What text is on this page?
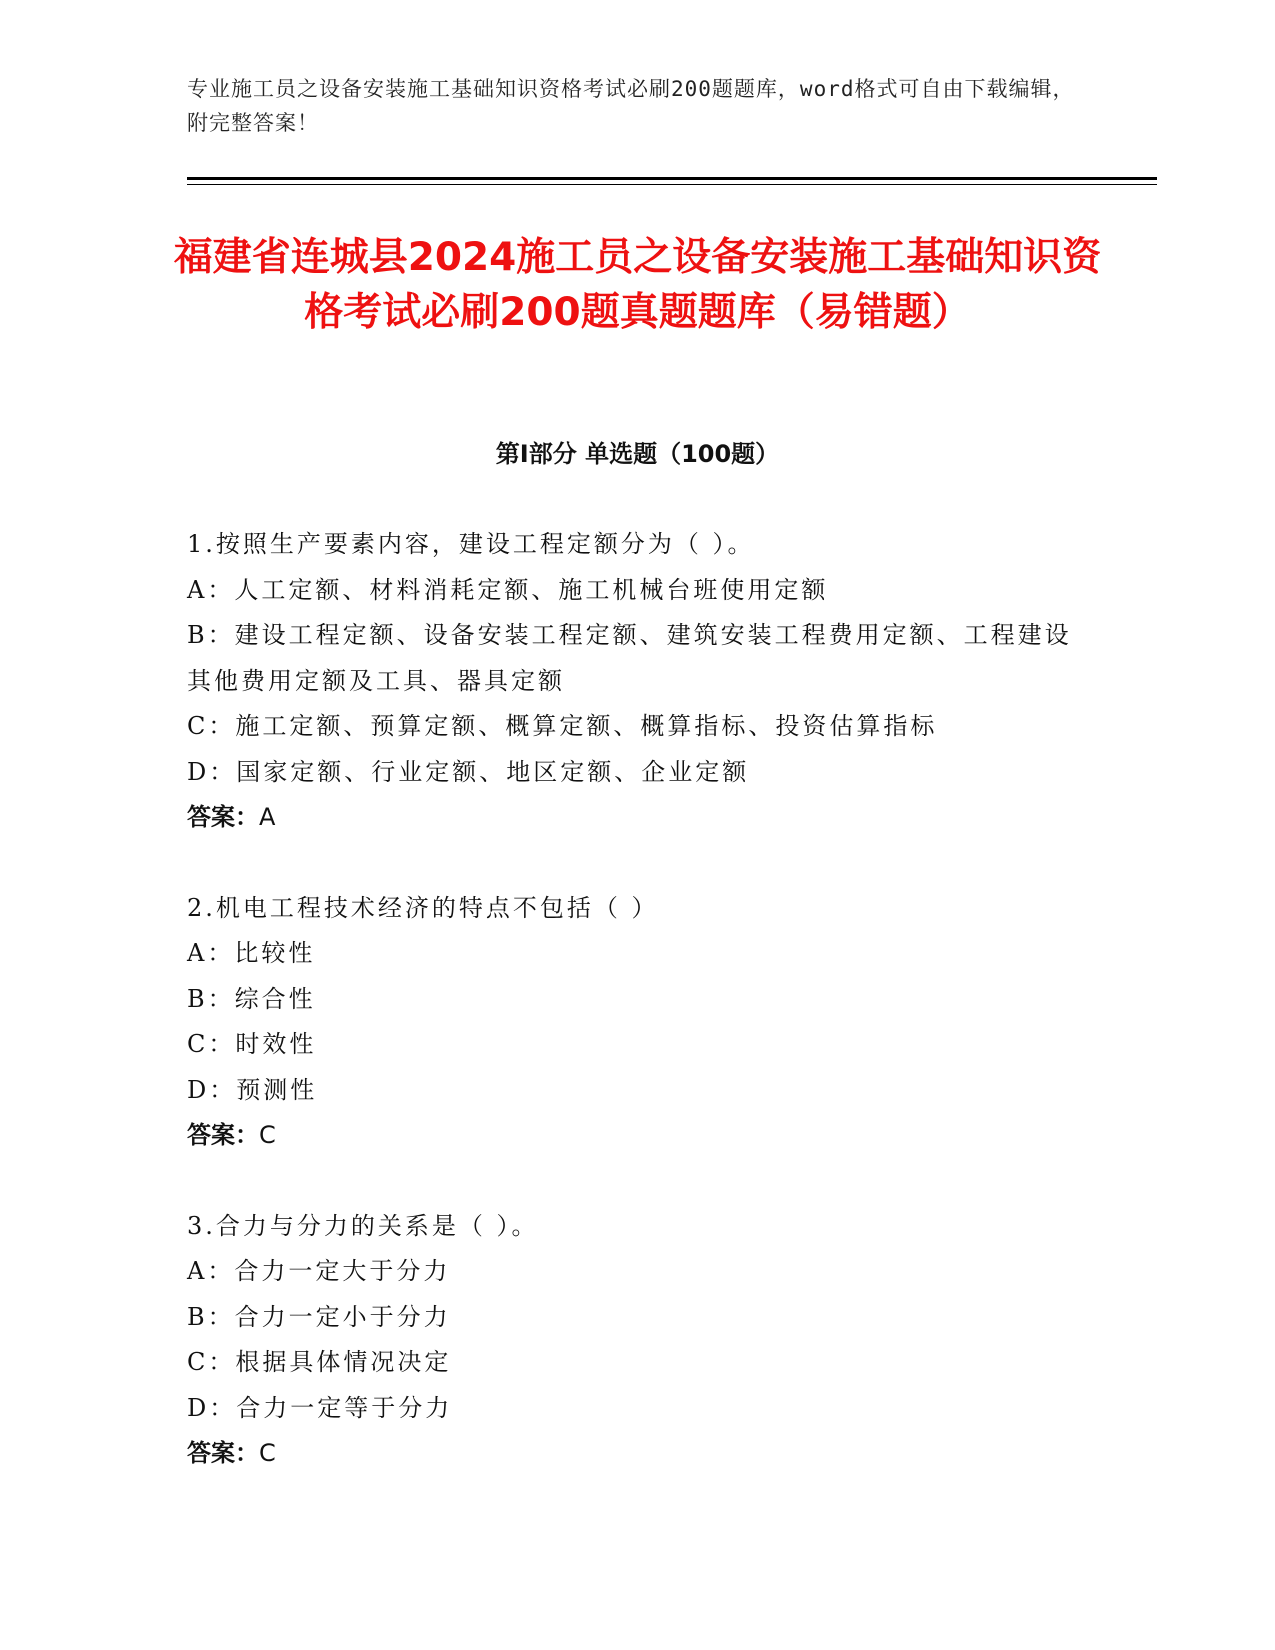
专业施工员之设备安装施工基础知识资格考试必刷200题题库，word格式可自由下载编辑，附完整答案！
福建省连城县2024施工员之设备安装施工基础知识资格考试必刷200题真题题库（易错题）
第Ⅰ部分 单选题（100题）

1.按照生产要素内容，建设工程定额分为（ ）。

A：人工定额、材料消耗定额、施工机械台班使用定额

B：建设工程定额、设备安装工程定额、建筑安装工程费用定额、工程建设其他费用定额及工具、器具定额

C：施工定额、预算定额、概算定额、概算指标、投资估算指标

D：国家定额、行业定额、地区定额、企业定额

答案：A

2.机电工程技术经济的特点不包括（ ）

A：比较性

B：综合性

C：时效性

D：预测性

答案：C

3.合力与分力的关系是（ ）。

A：合力一定大于分力

B：合力一定小于分力

C：根据具体情况决定

D：合力一定等于分力

答案：C
